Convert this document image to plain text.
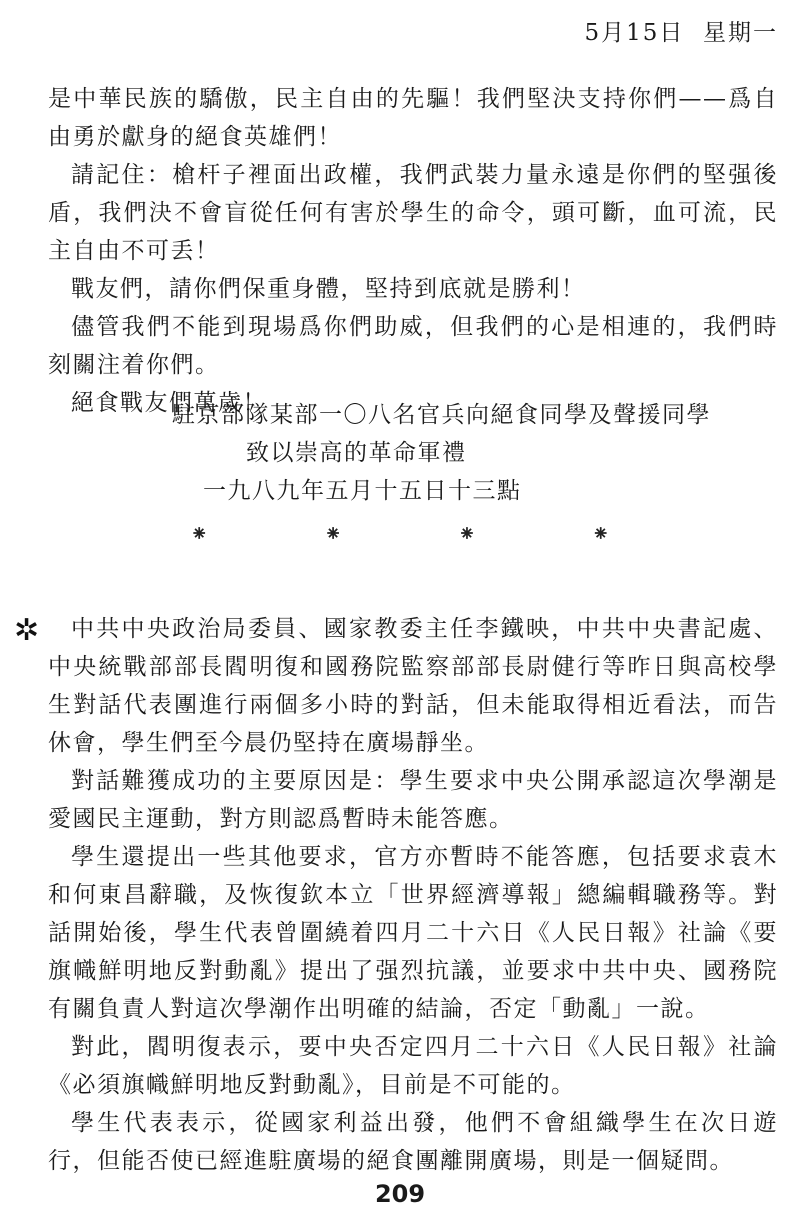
5月15日 星期一

是中華民族的驕傲，民主自由的先驅！我們堅決支持你們——爲自由勇於獻身的絕食英雄們！

請記住：槍杆子裡面出政權，我們武裝力量永遠是你們的堅强後盾，我們決不會盲從任何有害於學生的命令，頭可斷，血可流，民主自由不可丢！

戰友們，請你們保重身體，堅持到底就是勝利！

儘管我們不能到現場爲你們助威，但我們的心是相連的，我們時刻關注着你們。

絕食戰友們萬歲！

駐京部隊某部一〇八名官兵向絕食同學及聲援同學
致以崇高的革命軍禮
一九八九年五月十五日十三點
⁕	⁕	⁕	⁕
✲	中共中央政治局委員、國家教委主任李鐵映，中共中央書記處、中央統戰部部長閻明復和國務院監察部部長尉健行等昨日與高校學生對話代表團進行兩個多小時的對話，但未能取得相近看法，而告休會，學生們至今晨仍堅持在廣場靜坐。

對話難獲成功的主要原因是：學生要求中央公開承認這次學潮是愛國民主運動，對方則認爲暫時未能答應。

學生還提出一些其他要求，官方亦暫時不能答應，包括要求袁木和何東昌辭職，及恢復欽本立「世界經濟導報」總編輯職務等。對話開始後，學生代表曾圍繞着四月二十六日《人民日報》社論《要旗幟鮮明地反對動亂》提出了强烈抗議，並要求中共中央、國務院有關負責人對這次學潮作出明確的結論，否定「動亂」一說。

對此，閻明復表示，要中央否定四月二十六日《人民日報》社論《必須旗幟鮮明地反對動亂》，目前是不可能的。

學生代表表示，從國家利益出發，他們不會組織學生在次日遊行，但能否使已經進駐廣場的絕食團離開廣場，則是一個疑問。

209
